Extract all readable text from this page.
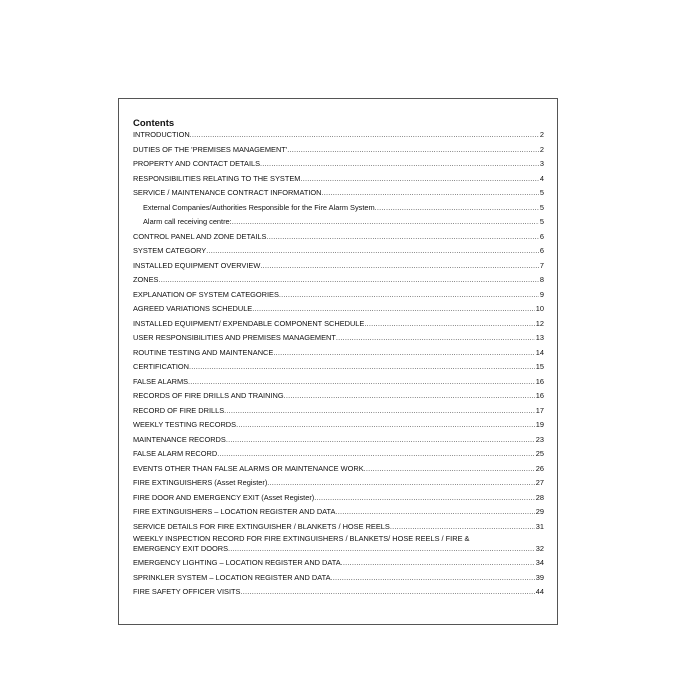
Contents
INTRODUCTION .....	2
DUTIES OF THE 'PREMISES MANAGEMENT' .....	2
PROPERTY AND CONTACT DETAILS .....	3
RESPONSIBILITIES RELATING TO THE SYSTEM .....	4
SERVICE / MAINTENANCE CONTRACT INFORMATION .....	5
External Companies/Authorities Responsible for the Fire Alarm System .....	5
Alarm call receiving centre: .....	5
CONTROL PANEL AND ZONE DETAILS .....	6
SYSTEM CATEGORY .....	6
INSTALLED EQUIPMENT OVERVIEW .....	7
ZONES .....	8
EXPLANATION OF SYSTEM CATEGORIES .....	9
AGREED VARIATIONS SCHEDULE .....	10
INSTALLED EQUIPMENT/ EXPENDABLE COMPONENT SCHEDULE .....	12
USER RESPONSIBILITIES AND PREMISES MANAGEMENT .....	13
ROUTINE TESTING AND MAINTENANCE .....	14
CERTIFICATION .....	15
FALSE ALARMS .....	16
RECORDS OF FIRE DRILLS AND TRAINING .....	16
RECORD OF FIRE DRILLS .....	17
WEEKLY TESTING RECORDS .....	19
MAINTENANCE RECORDS .....	23
FALSE ALARM RECORD .....	25
EVENTS OTHER THAN FALSE ALARMS OR MAINTENANCE WORK .....	26
FIRE EXTINGUISHERS (Asset Register) .....	27
FIRE DOOR AND EMERGENCY EXIT (Asset Register) .....	28
FIRE EXTINGUISHERS – LOCATION REGISTER AND DATA .....	29
SERVICE DETAILS FOR FIRE EXTINGUISHER / BLANKETS / HOSE REELS .....	31
WEEKLY INSPECTION RECORD FOR FIRE EXTINGUISHERS / BLANKETS/ HOSE REELS / FIRE &
EMERGENCY EXIT DOORS .....	32
EMERGENCY LIGHTING – LOCATION REGISTER AND DATA .....	34
SPRINKLER SYSTEM – LOCATION REGISTER AND DATA .....	39
FIRE SAFETY OFFICER VISITS .....	44
